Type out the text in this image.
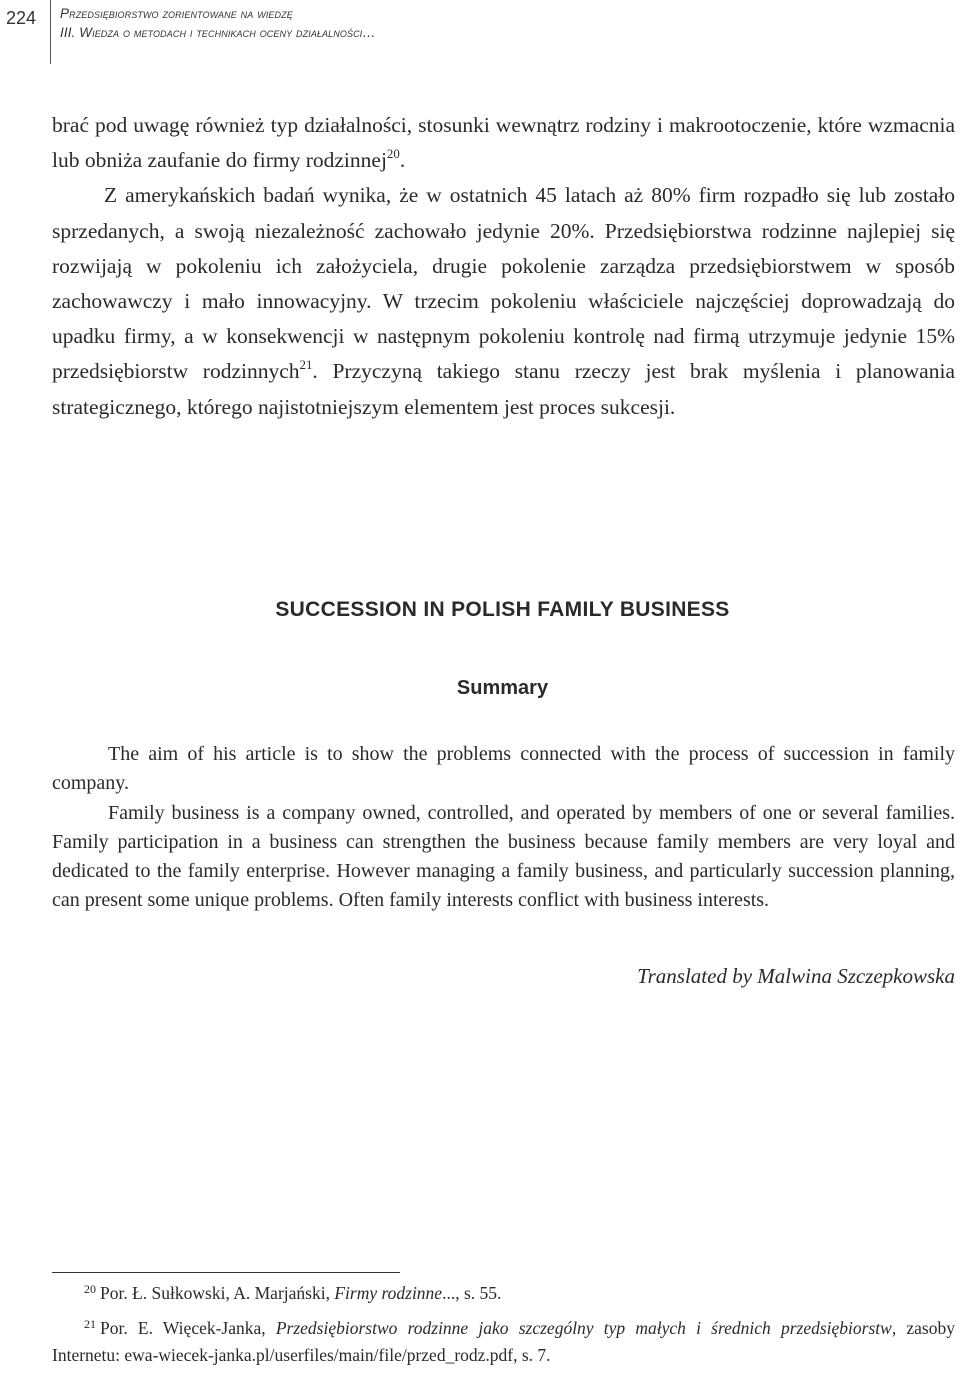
224 Przedsiębiorstwo zorientowane na wiedzę
III. Wiedza o metodach i technikach oceny działalności…

brać pod uwagę również typ działalności, stosunki wewnątrz rodziny i makrootoczenie, które wzmacnia lub obniża zaufanie do firmy rodzinnej$^{20}$.

Z amerykańskich badań wynika, że w ostatnich 45 latach aż 80% firm rozpadło się lub zostało sprzedanych, a swoją niezależność zachowało jedynie 20%. Przedsiębiorstwa rodzinne najlepiej się rozwijają w pokoleniu ich założyciela, drugie pokolenie zarządza przedsiębiorstwem w sposób zachowawczy i mało innowacyjny. W trzecim pokoleniu właściciele najczęściej doprowadzają do upadku firmy, a w konsekwencji w następnym pokoleniu kontrolę nad firmą utrzymuje jedynie 15% przedsiębiorstw rodzinnych$^{21}$. Przyczyną takiego stanu rzeczy jest brak myślenia i planowania strategicznego, którego najistotniejszym elementem jest proces sukcesji.

SUCCESSION IN POLISH FAMILY BUSINESS
Summary

The aim of his article is to show the problems connected with the process of succession in family company.

Family business is a company owned, controlled, and operated by members of one or several families. Family participation in a business can strengthen the business because family members are very loyal and dedicated to the family enterprise. However managing a family business, and particularly succession planning, can present some unique problems. Often family interests conflict with business interests.

Translated by Malwina Szczepkowska

20 Por. Ł. Sułkowski, A. Marjański, Firmy rodzinne..., s. 55.

21 Por. E. Więcek-Janka, Przedsiębiorstwo rodzinne jako szczególny typ małych i średnich przedsiębiorstw, zasoby Internetu: ewa-wiecek-janka.pl/userfiles/main/file/przed_rodz.pdf, s. 7.
